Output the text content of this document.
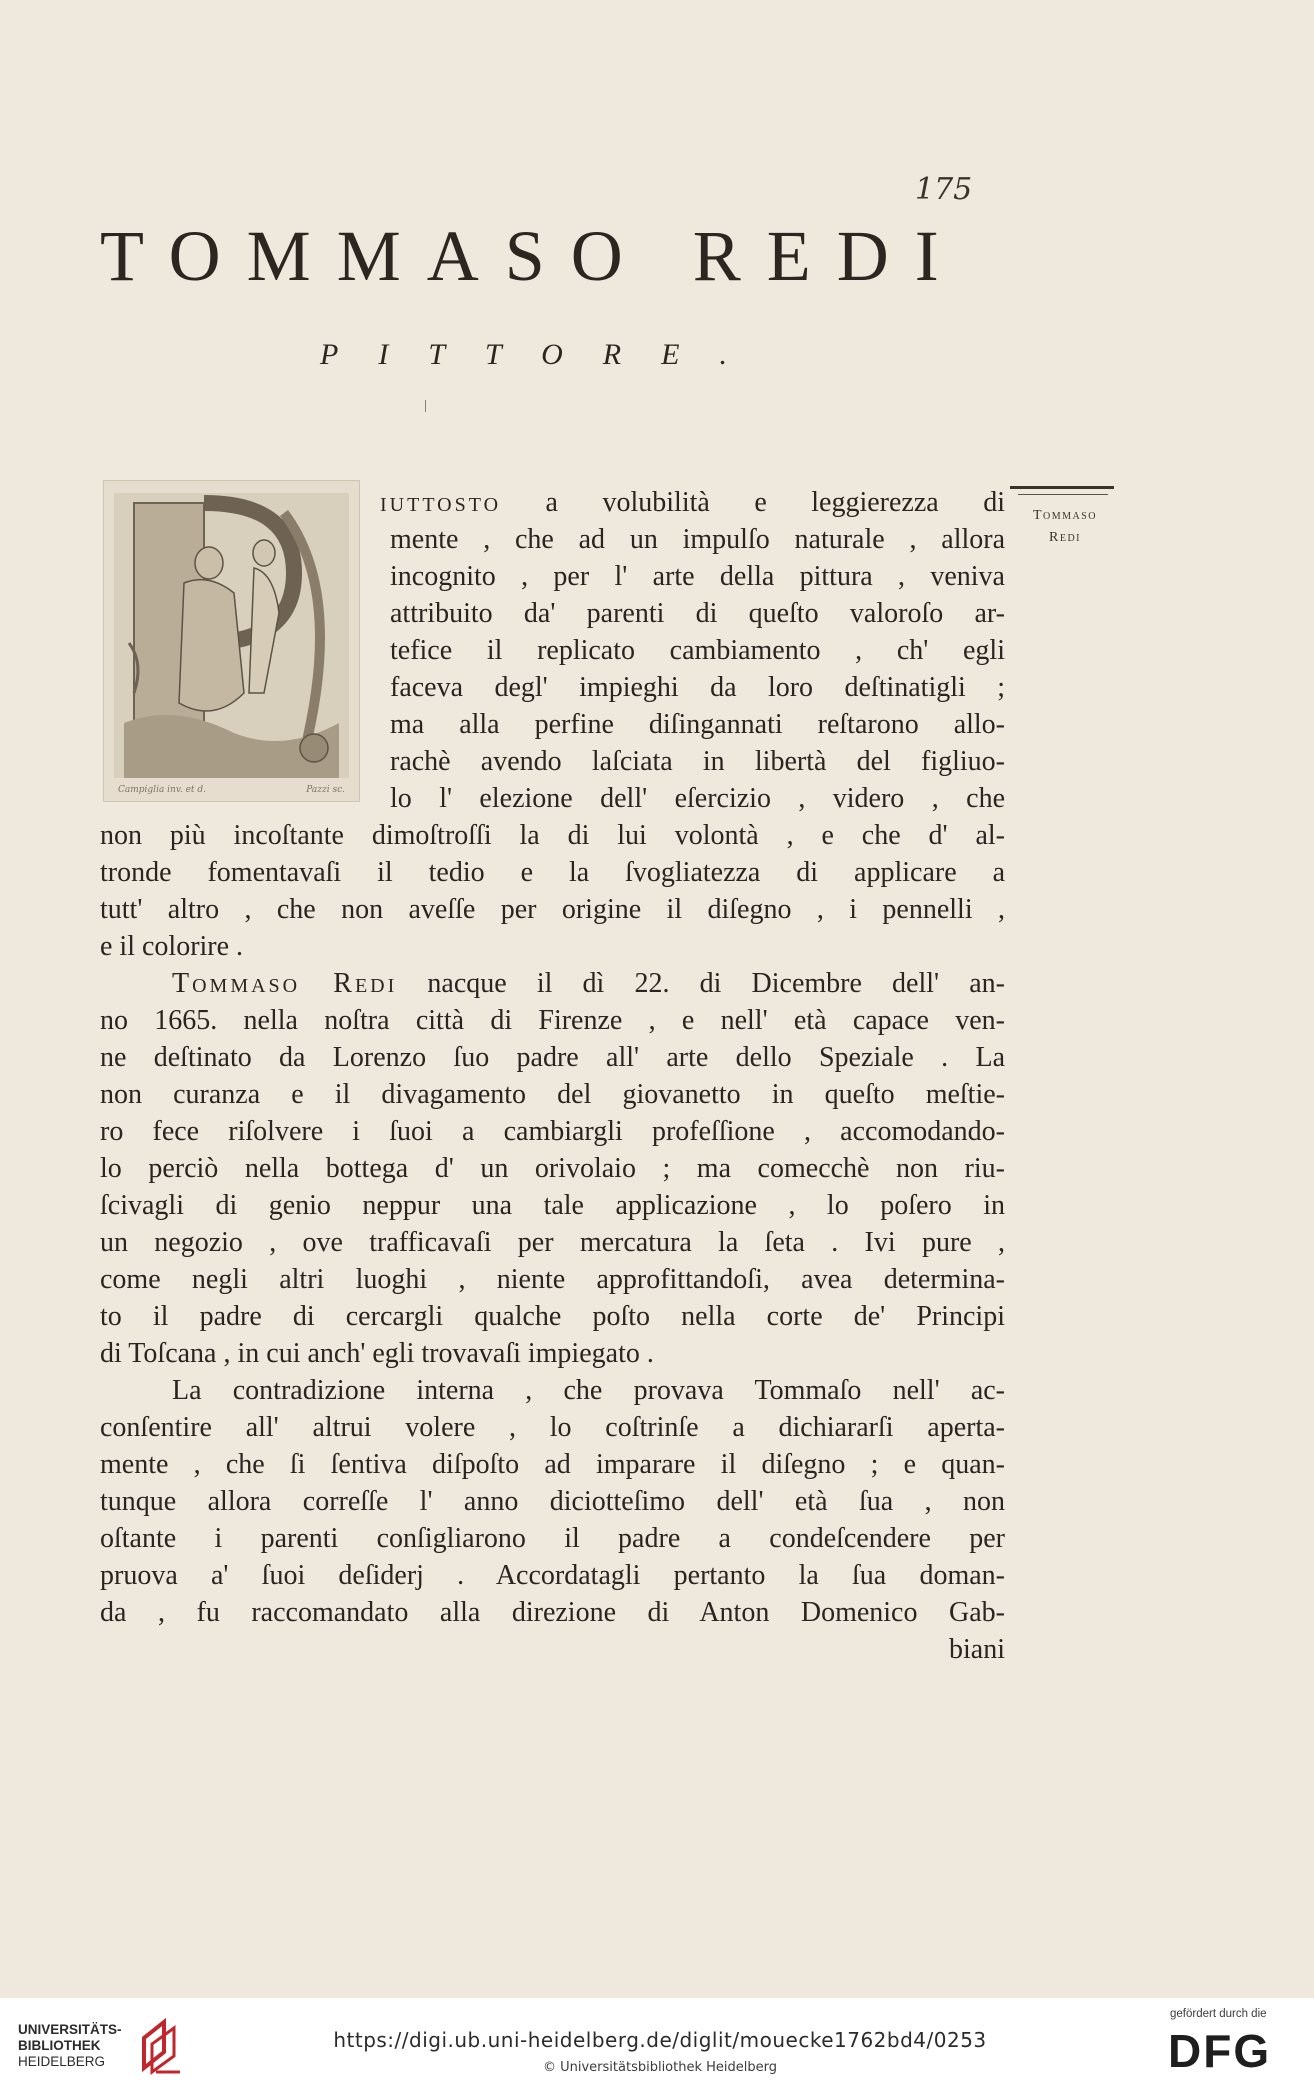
175
TOMMASO REDI
PITTORE.
Campiglia inv. et d.	Pazzi sc.
Tommaso
Redi
iuttosto a volubilità e leggierezza di
mente , che ad un impulſo naturale , allora
incognito , per l' arte della pittura , veniva
attribuito da' parenti di queſto valoroſo ar-
tefice il replicato cambiamento , ch' egli
faceva degl' impieghi da loro deſtinatigli ;
ma alla perfine diſingannati reſtarono allo-
rachè avendo laſciata in libertà del figliuo-
lo l' elezione dell' eſercizio , videro , che
non più incoſtante dimoſtroſſi la di lui volontà , e che d' al-
tronde fomentavaſi il tedio e la ſvogliatezza di applicare a
tutt' altro , che non aveſſe per origine il diſegno , i pennelli ,
e il colorire .
Tommaso Redi nacque il dì 22. di Dicembre dell' an-
no 1665. nella noſtra città di Firenze , e nell' età capace ven-
ne deſtinato da Lorenzo ſuo padre all' arte dello Speziale . La
non curanza e il divagamento del giovanetto in queſto meſtie-
ro fece riſolvere i ſuoi a cambiargli profeſſione , accomodando-
lo perciò nella bottega d' un orivolaio ; ma comecchè non riu-
ſcivagli di genio neppur una tale applicazione , lo poſero in
un negozio , ove trafficavaſi per mercatura la ſeta . Ivi pure ,
come negli altri luoghi , niente approfittandoſi, avea determina-
to il padre di cercargli qualche poſto nella corte de' Principi
di Toſcana , in cui anch' egli trovavaſi impiegato .
La contradizione interna , che provava Tommaſo nell' ac-
conſentire all' altrui volere , lo coſtrinſe a dichiararſi aperta-
mente , che ſi ſentiva diſpoſto ad imparare il diſegno ; e quan-
tunque allora correſſe l' anno diciotteſimo dell' età ſua , non
oſtante i parenti conſigliarono il padre a condeſcendere per
pruova a' ſuoi deſiderj . Accordatagli pertanto la ſua doman-
da , fu raccomandato alla direzione di Anton Domenico Gab-
biani
UNIVERSITÄTS-
BIBLIOTHEK
HEIDELBERG
https://digi.ub.uni-heidelberg.de/diglit/mouecke1762bd4/0253
© Universitätsbibliothek Heidelberg
gefördert durch die
DFG
